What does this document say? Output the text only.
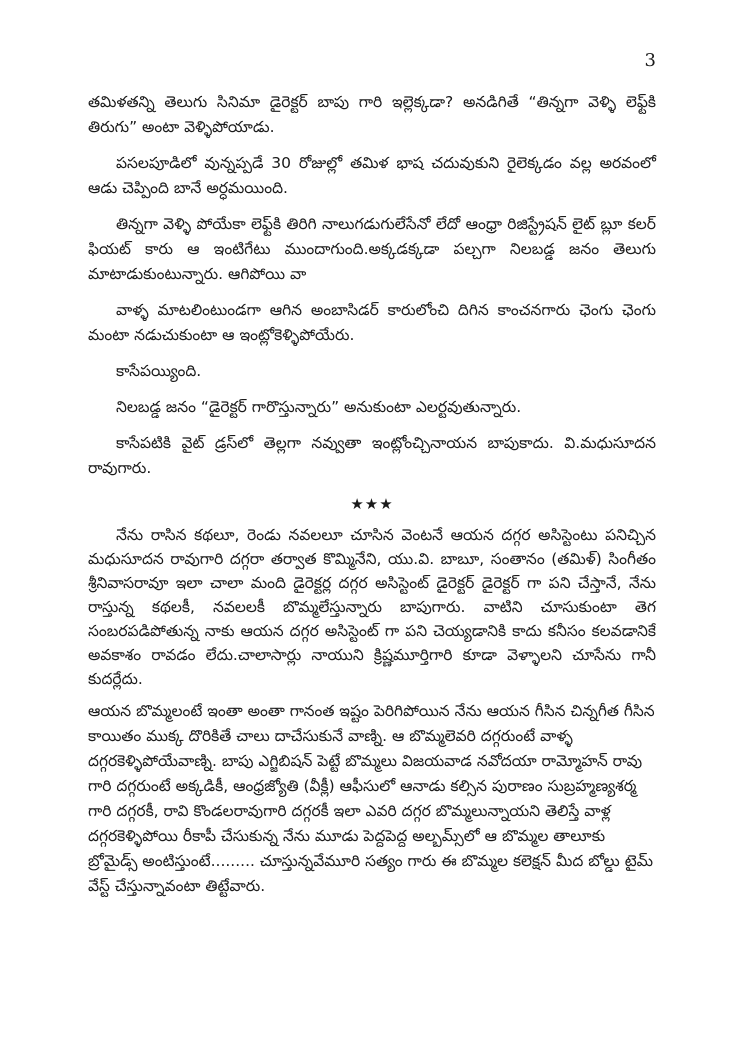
3

తమిళతన్ని తెలుగు సినిమా డైరెక్టర్ బాపు గారి ఇల్లెక్కడా? అనడిగితే “తిన్నగా వెళ్ళి లెఫ్ట్‌కి తిరుగు” అంటా వెళ్ళిపోయాడు.

పసలపూడిలో వున్నప్పడే 30 రోజుల్లో తమిళ భాష చదువుకుని రైలెక్కడం వల్ల అరవంలో ఆడు చెప్పింది బానే అర్ధమయింది.

తిన్నగా వెళ్ళి పోయేకా లెఫ్ట్‌కి తిరిగి నాలుగడుగులేసేనో లేదో ఆంధ్రా రిజిస్ట్రేషన్ లైట్ బ్లూ కలర్ ఫియట్ కారు ఆ ఇంటిగేటు ముందాగుంది.అక్కడక్కడా పల్చగా నిలబడ్డ జనం తెలుగు మాటాడుకుంటున్నారు. ఆగిపోయి వా

వాళ్ళ మాటలింటుండగా ఆగిన అంబాసిడర్ కారులోంచి దిగిన కాంచనగారు ఛెంగు ఛెంగు మంటా నడుచుకుంటా ఆ ఇంట్లోకెళ్ళిపోయేరు.

కాసేపయ్యింది.

నిలబడ్డ జనం “డైరెక్టర్ గారొస్తున్నారు” అనుకుంటా ఎలర్టవుతున్నారు.

కాసేపటికి వైట్ డ్రస్‌లో తెల్లగా నవ్వుతా ఇంట్లోంచ్చినాయన బాపుకాదు. వి.మధుసూదన రావుగారు.

★★★

నేను రాసిన కథలూ, రెండు నవలలూ చూసిన వెంటనే ఆయన దగ్గర అసిస్టెంటు పనిచ్చిన మధుసూదన రావుగారి దగ్గరా తర్వాత కొమ్మినేని, యు.వి. బాబూ, సంతానం (తమిళ్) సింగీతం శ్రీనివాసరావూ ఇలా చాలా మంది డైరెక్టర్ల దగ్గర అసిస్టెంట్ డైరెక్టర్ డైరెక్టర్ గా పని చేస్తానే, నేను రాస్తున్న కథలకీ, నవలలకీ బొమ్మలేస్తున్నారు బాపుగారు. వాటిని చూసుకుంటా తెగ సంబరపడిపోతున్న నాకు ఆయన దగ్గర అసిస్టెంట్ గా పని చెయ్యడానికి కాదు కనీసం కలవడానికే అవకాశం రావడం లేదు.చాలాసార్లు నాయుని క్రిష్ణమూర్తిగారి కూడా వెళ్ళాలని చూసేను గానీ కుదర్లేదు.

ఆయన బొమ్మలంటే ఇంతా అంతా గానంత ఇష్టం పెరిగిపోయిన నేను ఆయన గీసిన చిన్నగీత గీసిన కాయితం ముక్క దొరికితే చాలు దాచేసుకునే వాణ్ని. ఆ బొమ్మలెవరి దగ్గరుంటే వాళ్ళ దగ్గరకెళ్ళిపోయేవాణ్ని. బాపు ఎగ్జిబిషన్ పెట్టే బొమ్మలు విజయవాడ నవోదయా రామ్మోహన్ రావు గారి దగ్గరుంటే అక్కడికీ, ఆంధ్రజ్యోతి (వీక్లీ) ఆఫీసులో ఆనాడు కల్సిన పురాణం సుబ్రహ్మణ్యశర్మ గారి దగ్గరకీ, రావి కొండలరావుగారి దగ్గరకీ ఇలా ఎవరి దగ్గర బొమ్మలున్నాయని తెలిస్తే వాళ్ల దగ్గరకెళ్ళిపోయి రీకాపీ చేసుకున్న నేను మూడు పెద్దపెద్ద అల్బమ్స్‌లో ఆ బొమ్మల తాలూకు బ్రోమైడ్స్ అంటిస్తుంటే......... చూస్తున్నవేమూరి సత్యం గారు ఈ బొమ్మల కలెక్షన్ మీద బోల్డు టైమ్ వేస్ట్ చేస్తున్నావంటా తిట్టేవారు.
